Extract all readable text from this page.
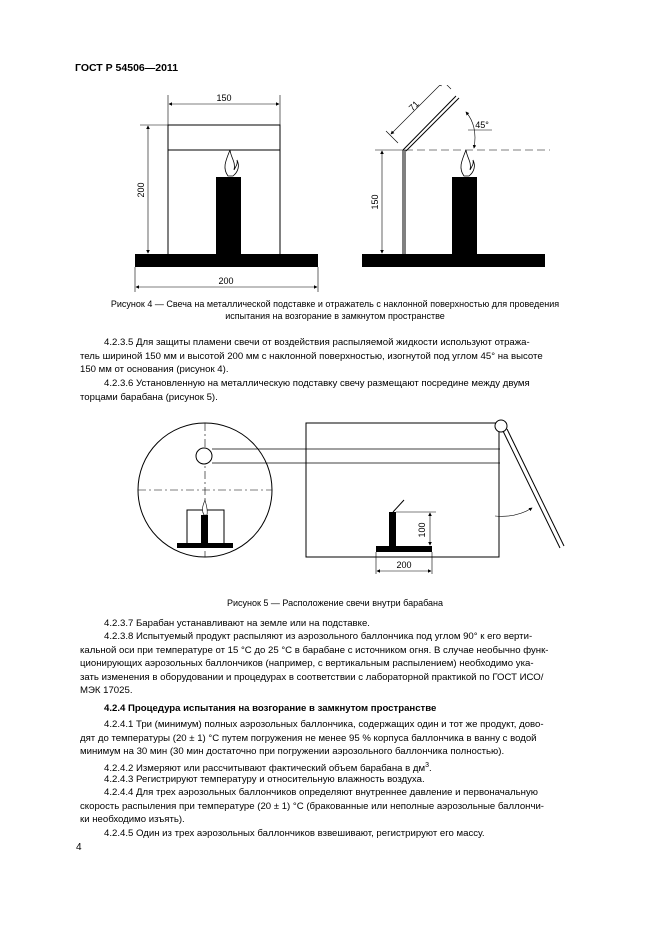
ГОСТ Р 54506—2011
150
200
200
71
45°
150
Рисунок 4 — Свеча на металлической подставке и отражатель с наклонной поверхностью для проведения
испытания на возгорание в замкнутом пространстве
4.2.3.5 Для защиты пламени свечи от воздействия распыляемой жидкости используют отража-
тель шириной 150 мм и высотой 200 мм с наклонной поверхностью, изогнутой под углом 45° на высоте
150 мм от основания (рисунок 4).
4.2.3.6 Установленную на металлическую подставку свечу размещают посредине между двумя
торцами барабана (рисунок 5).
100
200
Рисунок 5 — Расположение свечи внутри барабана
4.2.3.7 Барабан устанавливают на земле или на подставке.
4.2.3.8 Испытуемый продукт распыляют из аэрозольного баллончика под углом 90° к его верти-
кальной оси при температуре от 15 °С до 25 °С в барабане с источником огня. В случае необычно функ-
ционирующих аэрозольных баллончиков (например, с вертикальным распылением) необходимо ука-
зать изменения в оборудовании и процедурах в соответствии с лабораторной практикой по ГОСТ ИСО/
МЭК 17025.
4.2.4 Процедура испытания на возгорание в замкнутом пространстве
4.2.4.1 Три (минимум) полных аэрозольных баллончика, содержащих один и тот же продукт, дово-
дят до температуры (20 ± 1) °С путем погружения не менее 95 % корпуса баллончика в ванну с водой
минимум на 30 мин (30 мин достаточно при погружении аэрозольного баллончика полностью).
4.2.4.2 Измеряют или рассчитывают фактический объем барабана в $дм^3$.
4.2.4.3 Регистрируют температуру и относительную влажность воздуха.
4.2.4.4 Для трех аэрозольных баллончиков определяют внутреннее давление и первоначальную
скорость распыления при температуре (20 ± 1) °С (бракованные или неполные аэрозольные баллончи-
ки необходимо изъять).
4.2.4.5 Один из трех аэрозольных баллончиков взвешивают, регистрируют его массу.
4
